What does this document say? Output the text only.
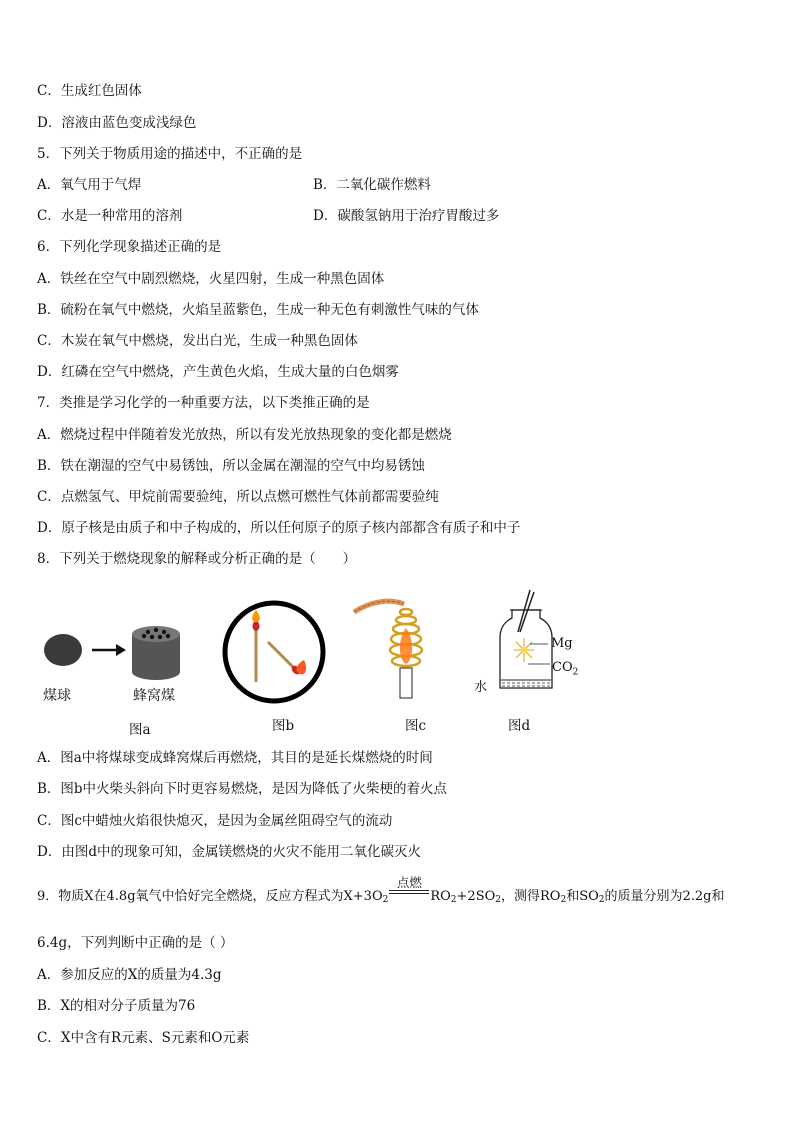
C．生成红色固体
D．溶液由蓝色变成浅绿色
5．下列关于物质用途的描述中，不正确的是
A．氧气用于气焊	B．二氧化碳作燃料
C．水是一种常用的溶剂	D．碳酸氢钠用于治疗胃酸过多
6．下列化学现象描述正确的是
A．铁丝在空气中剧烈燃烧，火星四射，生成一种黑色固体
B．硫粉在氧气中燃烧，火焰呈蓝紫色，生成一种无色有刺激性气味的气体
C．木炭在氧气中燃烧，发出白光，生成一种黑色固体
D．红磷在空气中燃烧，产生黄色火焰，生成大量的白色烟雾
7．类推是学习化学的一种重要方法，以下类推正确的是
A．燃烧过程中伴随着发光放热，所以有发光放热现象的变化都是燃烧
B．铁在潮湿的空气中易锈蚀，所以金属在潮湿的空气中均易锈蚀
C．点燃氢气、甲烷前需要验纯，所以点燃可燃性气体前都需要验纯
D．原子核是由质子和中子构成的，所以任何原子的原子核内部都含有质子和中子
8．下列关于燃烧现象的解释或分析正确的是（　　）
煤球	蜂窝煤
图a	图b	图c
Mg
$CO_2$
水
图d
A．图a中将煤球变成蜂窝煤后再燃烧，其目的是延长煤燃烧的时间
B．图b中火柴头斜向下时更容易燃烧，是因为降低了火柴梗的着火点
C．图c中蜡烛火焰很快熄灭，是因为金属丝阻碍空气的流动
D．由图d中的现象可知，金属镁燃烧的火灾不能用二氧化碳灭火
9．物质X在4.8g氧气中恰好完全燃烧，反应方程式为$X+3O_2$
点燃
$RO_2+2SO_2$，测得$RO_2$和$SO_2$的质量分别为2.2g和
6.4g，下列判断中正确的是（ ）
A．参加反应的X的质量为4.3g
B．X的相对分子质量为76
C．X中含有R元素、S元素和O元素
